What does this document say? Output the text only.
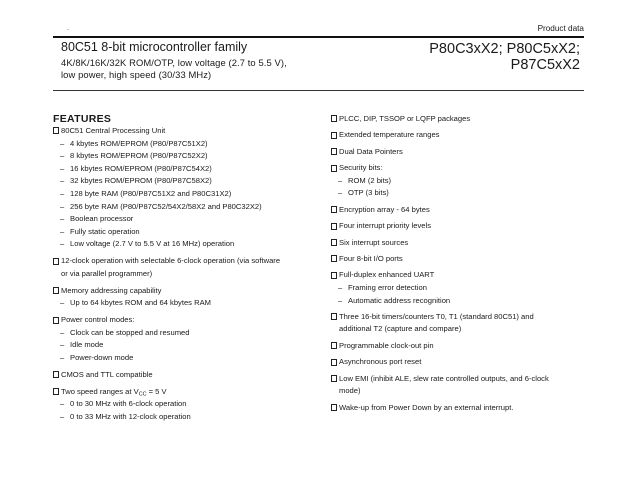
.	Product data
80C51 8-bit microcontroller family
4K/8K/16K/32K ROM/OTP, low voltage (2.7 to 5.5 V),
low power, high speed (30/33 MHz)
P80C3xX2; P80C5xX2;
P87C5xX2
FEATURES
80C51 Central Processing Unit
– 4 kbytes ROM/EPROM (P80/P87C51X2)
– 8 kbytes ROM/EPROM (P80/P87C52X2)
– 16 kbytes ROM/EPROM (P80/P87C54X2)
– 32 kbytes ROM/EPROM (P80/P87C58X2)
– 128 byte RAM (P80/P87C51X2 and P80C31X2)
– 256 byte RAM (P80/P87C52/54X2/58X2 and P80C32X2)
– Boolean processor
– Fully static operation
– Low voltage (2.7 V to 5.5 V at 16 MHz) operation
12-clock operation with selectable 6-clock operation (via software
or via parallel programmer)
Memory addressing capability
– Up to 64 kbytes ROM and 64 kbytes RAM
Power control modes:
– Clock can be stopped and resumed
– Idle mode
– Power-down mode
CMOS and TTL compatible
Two speed ranges at $V_{CC} = 5$ V
– 0 to 30 MHz with 6-clock operation
– 0 to 33 MHz with 12-clock operation
PLCC, DIP, TSSOP or LQFP packages
Extended temperature ranges
Dual Data Pointers
Security bits:
– ROM (2 bits)
– OTP (3 bits)
Encryption array - 64 bytes
Four interrupt priority levels
Six interrupt sources
Four 8-bit I/O ports
Full-duplex enhanced UART
– Framing error detection
– Automatic address recognition
Three 16-bit timers/counters T0, T1 (standard 80C51) and
additional T2 (capture and compare)
Programmable clock-out pin
Asynchronous port reset
Low EMI (inhibit ALE, slew rate controlled outputs, and 6-clock
mode)
Wake-up from Power Down by an external interrupt.
